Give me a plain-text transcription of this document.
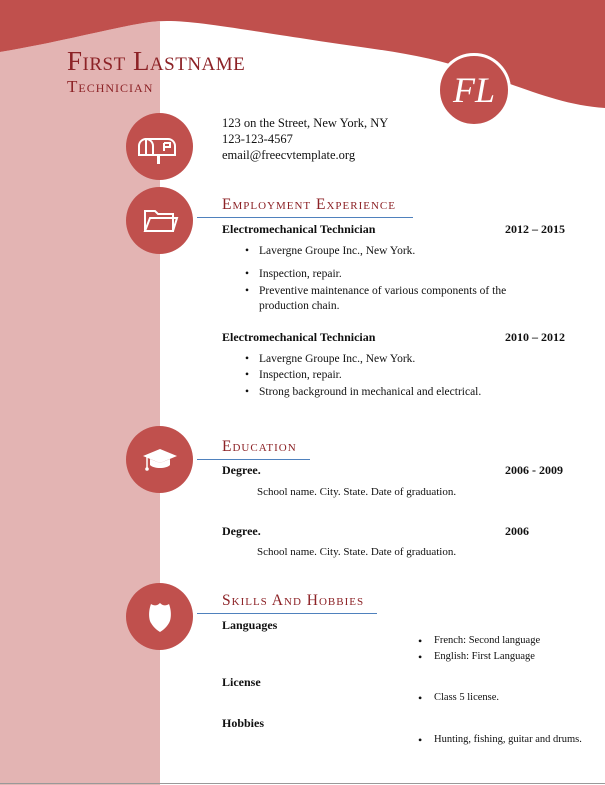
First Lastname
Technician	FL
123 on the Street, New York, NY
123-123-4567
email@freecvtemplate.org
Employment Experience
Electromechanical Technician	2012 – 2015
• Lavergne Groupe Inc., New York.
• Inspection, repair.
• Preventive maintenance of various components of the production chain.
Electromechanical Technician	2010 – 2012
• Lavergne Groupe Inc., New York.
• Inspection, repair.
• Strong background in mechanical and electrical.
Education
Degree.	2006 - 2009
School name. City. State. Date of graduation.
Degree.	2006
School name. City. State. Date of graduation.
Skills And Hobbies
Languages
• French: Second language
• English: First Language
License
• Class 5 license.
Hobbies
• Hunting, fishing, guitar and drums.
